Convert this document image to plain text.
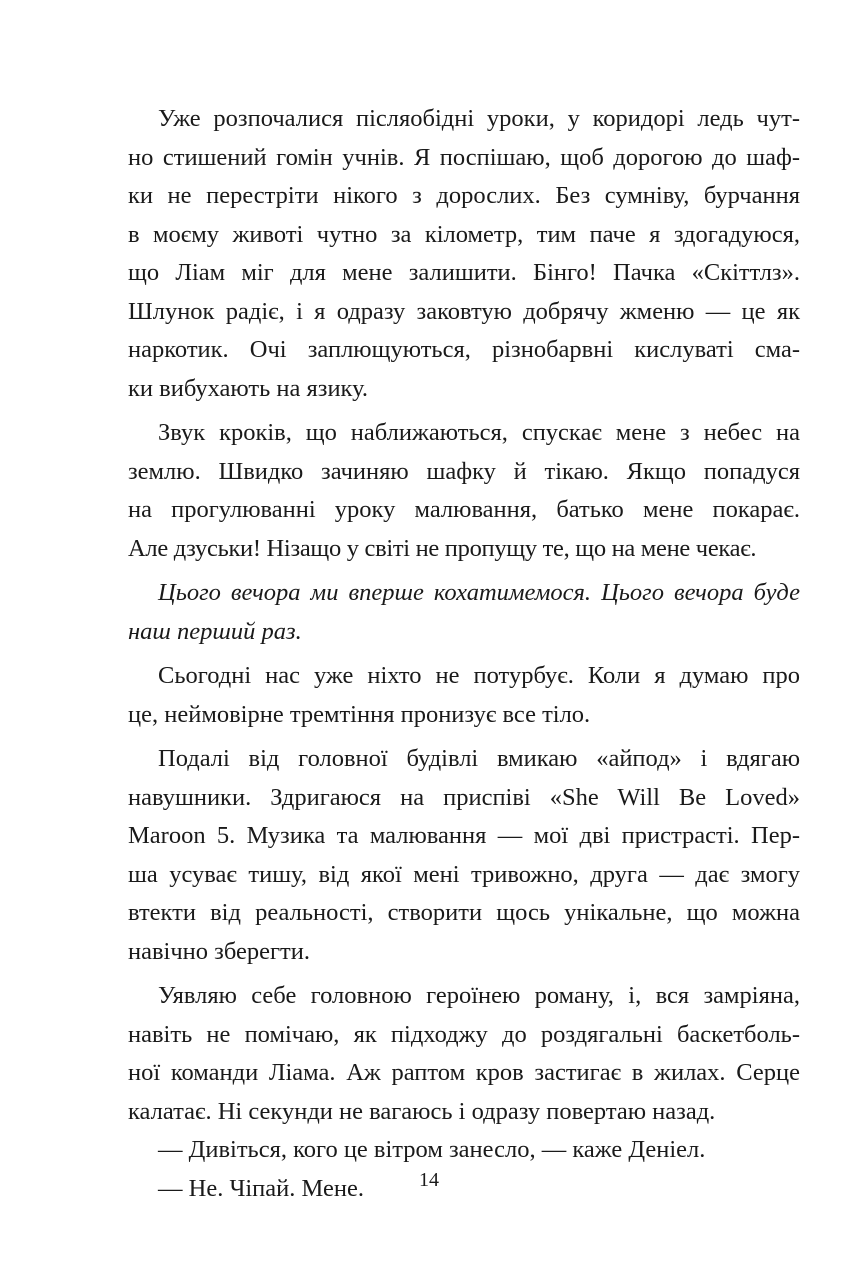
Уже розпочалися післяобідні уроки, у коридорі ледь чут-
но стишений гомін учнів. Я поспішаю, щоб дорогою до шаф-
ки не перестріти нікого з дорослих. Без сумніву, бурчання
в моєму животі чутно за кілометр, тим паче я здогадуюся,
що Ліам міг для мене залишити. Бінго! Пачка «Скіттлз».
Шлунок радіє, і я одразу заковтую добрячу жменю — це як
наркотик. Очі заплющуються, різнобарвні кислуваті сма-
ки вибухають на язику.

Звук кроків, що наближаються, спускає мене з небес на
землю. Швидко зачиняю шафку й тікаю. Якщо попадуся
на прогулюванні уроку малювання, батько мене покарає.
Але дзуськи! Нізащо у світі не пропущу те, що на мене чекає.

Цього вечора ми вперше кохатимемося. Цього вечора буде
наш перший раз.

Сьогодні нас уже ніхто не потурбує. Коли я думаю про
це, неймовірне тремтіння пронизує все тіло.

Подалі від головної будівлі вмикаю «айпод» і вдягаю
навушники. Здригаюся на приспіві «She Will Be Loved»
Maroon 5. Музика та малювання — мої дві пристрасті. Пер-
ша усуває тишу, від якої мені тривожно, друга — дає змогу
втекти від реальності, створити щось унікальне, що можна
навічно зберегти.

Уявляю себе головною героїнею роману, і, вся замріяна,
навіть не помічаю, як підходжу до роздягальні баскетболь-
ної команди Ліама. Аж раптом кров застигає в жилах. Серце
калатає. Ні секунди не вагаюсь і одразу повертаю назад.

— Дивіться, кого це вітром занесло, — каже Деніел.

— Не. Чіпай. Мене.	14
